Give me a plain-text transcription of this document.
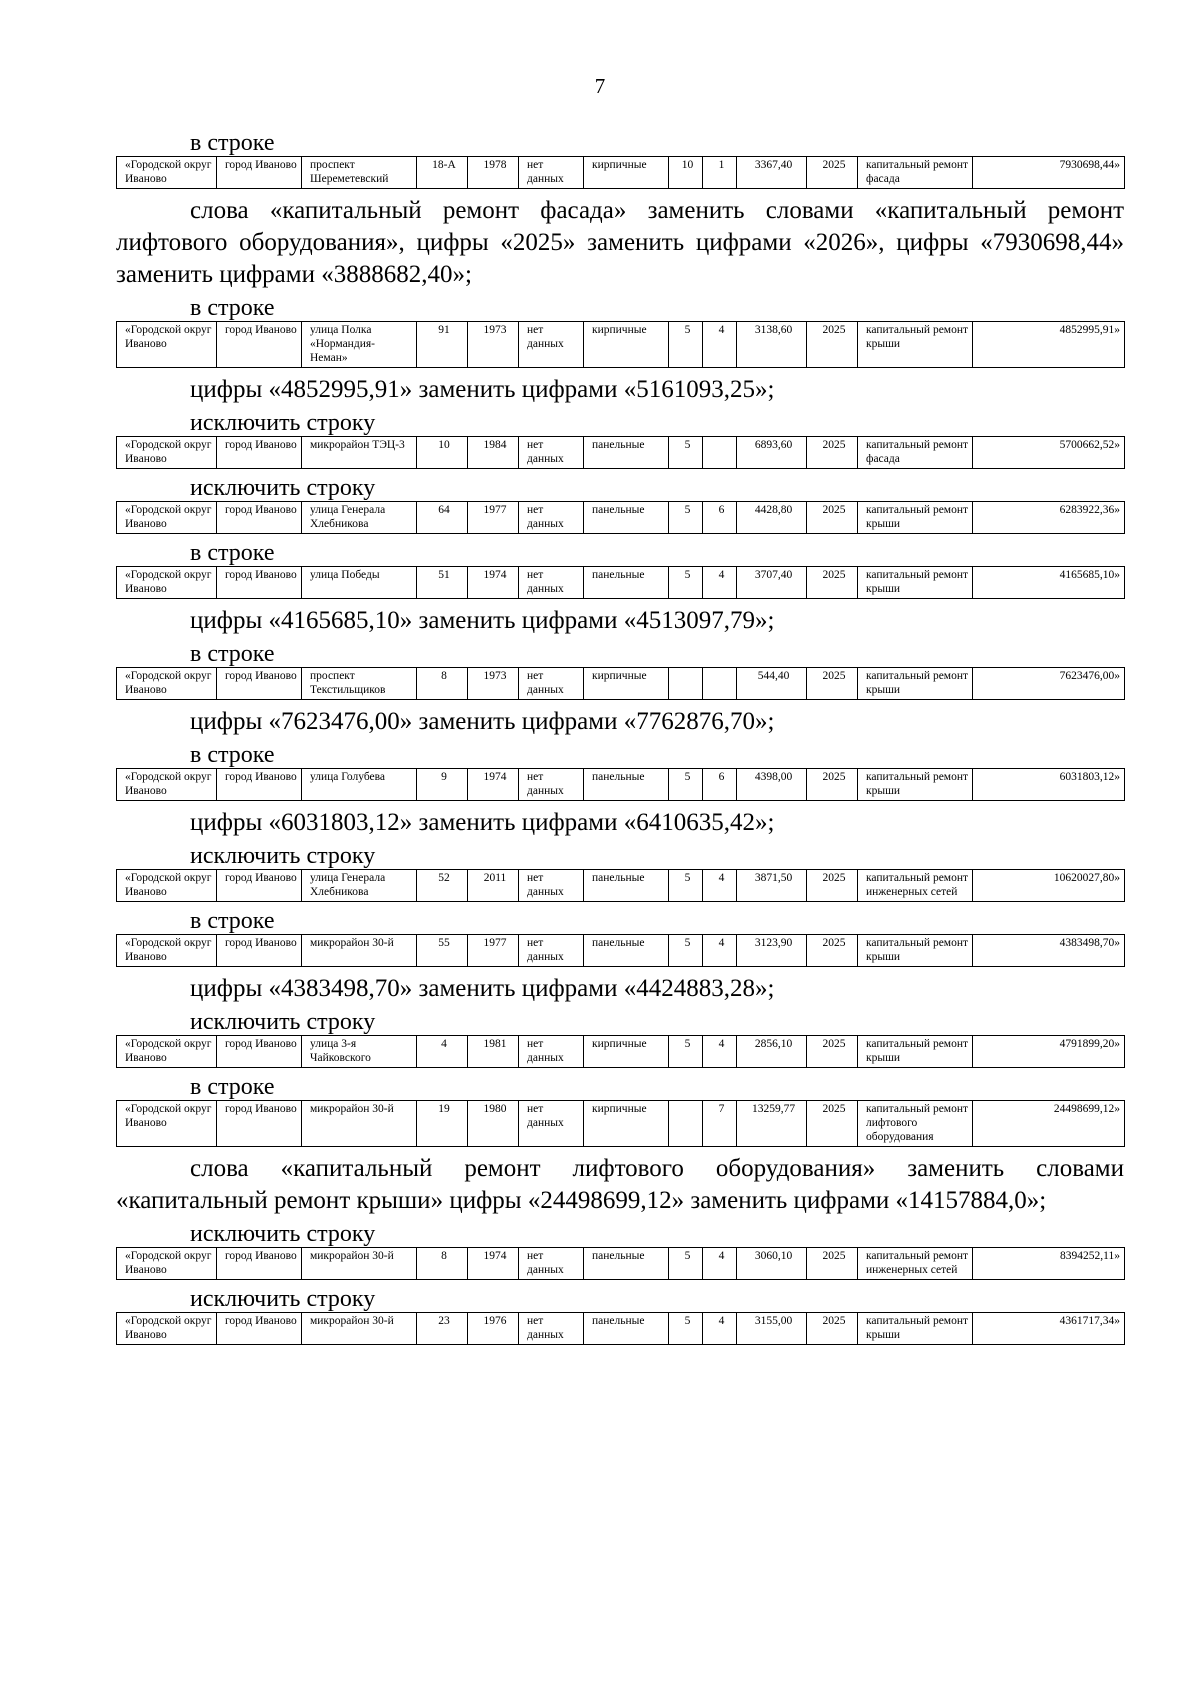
7

в строке

«Городской округ Иваново	город Иваново	проспект Шереметевский	18-А	1978	нет данных	кирпичные	10	1	3367,40	2025	капитальный ремонт фасада	7930698,44»

слова «капитальный ремонт фасада» заменить словами «капитальный ремонт лифтового оборудования», цифры «2025» заменить цифрами «2026», цифры «7930698,44» заменить цифрами «3888682,40»;

в строке

«Городской округ Иваново	город Иваново	улица Полка «Нормандия-Неман»	91	1973	нет данных	кирпичные	5	4	3138,60	2025	капитальный ремонт крыши	4852995,91»

цифры «4852995,91» заменить цифрами «5161093,25»;

исключить строку

«Городской округ Иваново	город Иваново	микрорайон ТЭЦ-3	10	1984	нет данных	панельные	5		6893,60	2025	капитальный ремонт фасада	5700662,52»

исключить строку

«Городской округ Иваново	город Иваново	улица Генерала Хлебникова	64	1977	нет данных	панельные	5	6	4428,80	2025	капитальный ремонт крыши	6283922,36»

в строке

«Городской округ Иваново	город Иваново	улица Победы	51	1974	нет данных	панельные	5	4	3707,40	2025	капитальный ремонт крыши	4165685,10»

цифры «4165685,10» заменить цифрами «4513097,79»;

в строке

«Городской округ Иваново	город Иваново	проспект Текстильщиков	8	1973	нет данных	кирпичные			544,40	2025	капитальный ремонт крыши	7623476,00»

цифры «7623476,00» заменить цифрами «7762876,70»;

в строке

«Городской округ Иваново	город Иваново	улица Голубева	9	1974	нет данных	панельные	5	6	4398,00	2025	капитальный ремонт крыши	6031803,12»

цифры «6031803,12» заменить цифрами «6410635,42»;

исключить строку

«Городской округ Иваново	город Иваново	улица Генерала Хлебникова	52	2011	нет данных	панельные	5	4	3871,50	2025	капитальный ремонт инженерных сетей	10620027,80»

в строке

«Городской округ Иваново	город Иваново	микрорайон 30-й	55	1977	нет данных	панельные	5	4	3123,90	2025	капитальный ремонт крыши	4383498,70»

цифры «4383498,70» заменить цифрами «4424883,28»;

исключить строку

«Городской округ Иваново	город Иваново	улица 3-я Чайковского	4	1981	нет данных	кирпичные	5	4	2856,10	2025	капитальный ремонт крыши	4791899,20»

в строке

«Городской округ Иваново	город Иваново	микрорайон 30-й	19	1980	нет данных	кирпичные		7	13259,77	2025	капитальный ремонт лифтового оборудования	24498699,12»

слова «капитальный ремонт лифтового оборудования» заменить словами «капитальный ремонт крыши» цифры «24498699,12» заменить цифрами «14157884,0»;

исключить строку

«Городской округ Иваново	город Иваново	микрорайон 30-й	8	1974	нет данных	панельные	5	4	3060,10	2025	капитальный ремонт инженерных сетей	8394252,11»

исключить строку

«Городской округ Иваново	город Иваново	микрорайон 30-й	23	1976	нет данных	панельные	5	4	3155,00	2025	капитальный ремонт крыши	4361717,34»
